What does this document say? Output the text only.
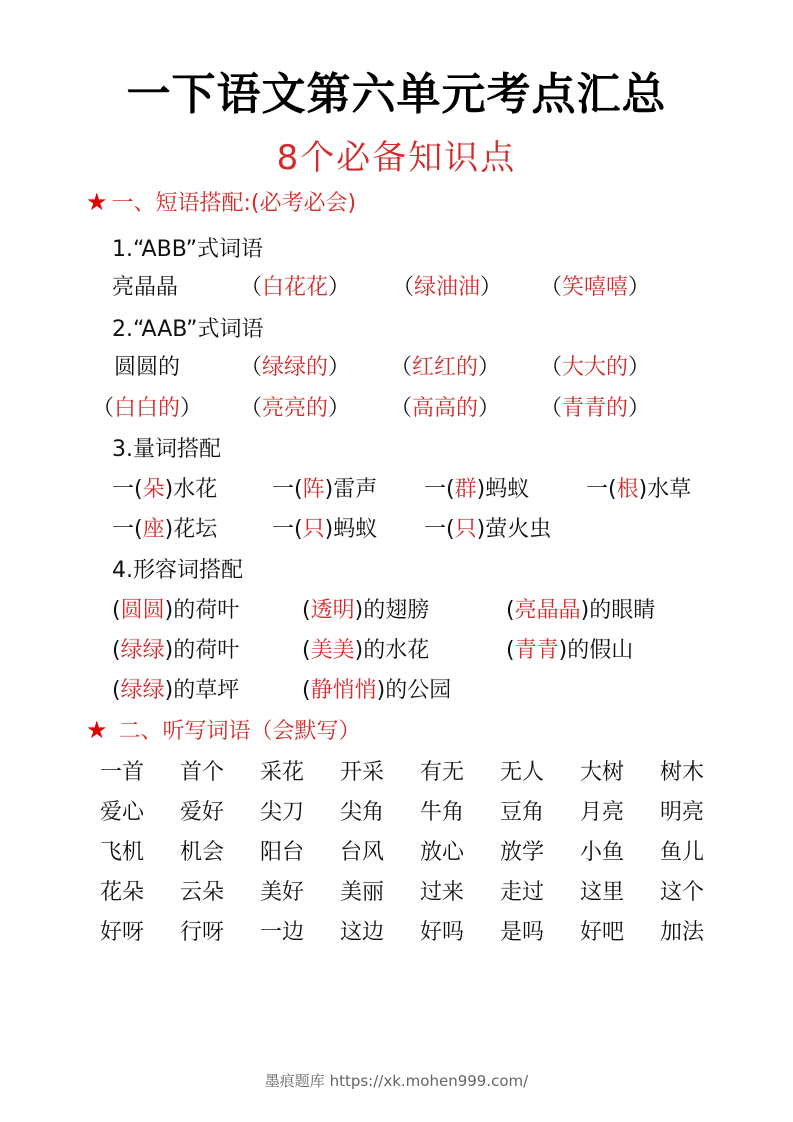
一下语文第六单元考点汇总
8个必备知识点
★ 一、短语搭配:(必考必会)
1.“ABB”式词语
亮晶晶	（白花花） （绿油油） （笑嘻嘻）
2.“AAB”式词语
圆圆的	（绿绿的） （红红的） （大大的）
（白白的） （亮亮的） （高高的） （青青的）
3.量词搭配
一(朵)水花 一(阵)雷声 一(群)蚂蚁	一(根)水草
一(座)花坛 一(只)蚂蚁 一(只)萤火虫
4.形容词搭配
(圆圆)的荷叶	(透明)的翅膀	(亮晶晶)的眼睛
(绿绿)的荷叶	(美美)的水花	(青青)的假山
(绿绿)的草坪	(静悄悄)的公园
★ 二、听写词语（会默写）
一首	首个	采花	开采	有无	无人	大树	树木
爱心	爱好	尖刀	尖角	牛角	豆角	月亮	明亮
飞机	机会	阳台	台风	放心	放学	小鱼	鱼儿
花朵	云朵	美好	美丽	过来	走过	这里	这个
好呀	行呀	一边	这边	好吗	是吗	好吧	加法
墨痕题库 https://xk.mohen999.com/
